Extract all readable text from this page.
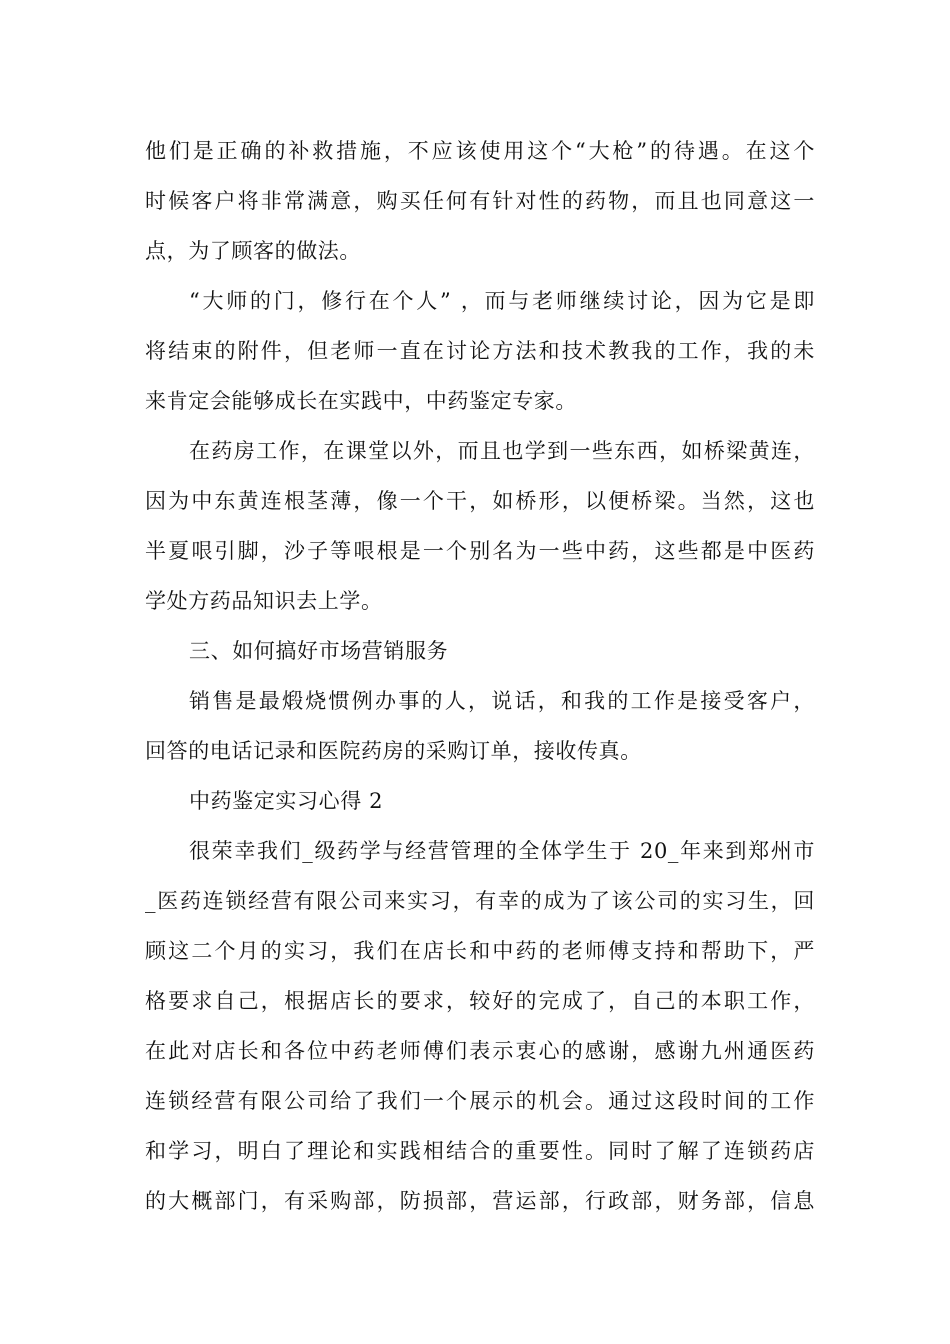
他们是正确的补救措施，不应该使用这个“大枪”的待遇。在这个
时候客户将非常满意，购买任何有针对性的药物，而且也同意这一
点，为了顾客的做法。
“大师的门，修行在个人” ，而与老师继续讨论，因为它是即
将结束的附件，但老师一直在讨论方法和技术教我的工作，我的未
来肯定会能够成长在实践中，中药鉴定专家。
在药房工作，在课堂以外，而且也学到一些东西，如桥梁黄连，
因为中东黄连根茎薄，像一个干，如桥形，以便桥梁。当然，这也
半夏哏引脚，沙子等哏根是一个别名为一些中药，这些都是中医药
学处方药品知识去上学。
三、如何搞好市场营销服务
销售是最煅烧惯例办事的人，说话，和我的工作是接受客户，
回答的电话记录和医院药房的采购订单，接收传真。
中药鉴定实习心得 2
很荣幸我们_级药学与经营管理的全体学生于 20_年来到郑州市
_医药连锁经营有限公司来实习，有幸的成为了该公司的实习生，回
顾这二个月的实习，我们在店长和中药的老师傅支持和帮助下，严
格要求自己，根据店长的要求，较好的完成了，自己的本职工作，
在此对店长和各位中药老师傅们表示衷心的感谢，感谢九州通医药
连锁经营有限公司给了我们一个展示的机会。通过这段时间的工作
和学习，明白了理论和实践相结合的重要性。同时了解了连锁药店
的大概部门，有采购部，防损部，营运部，行政部，财务部，信息
